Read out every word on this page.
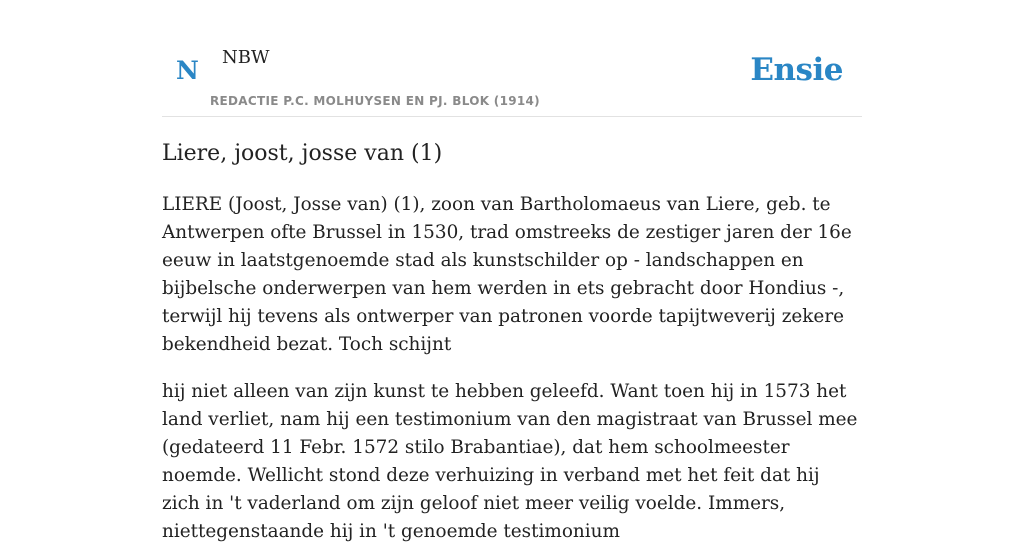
N NBW
REDACTIE P.C. MOLHUYSEN EN PJ. BLOK (1914)
Ensie
Liere, joost, josse van (1)

LIERE (Joost, Josse van) (1), zoon van Bartholomaeus van Liere, geb. te Antwerpen ofte Brussel in 1530, trad omstreeks de zestiger jaren der 16e eeuw in laatstgenoemde stad als kunstschilder op - landschappen en bijbelsche onderwerpen van hem werden in ets gebracht door Hondius -, terwijl hij tevens als ontwerper van patronen voorde tapijtweverij zekere bekendheid bezat. Toch schijnt

hij niet alleen van zijn kunst te hebben geleefd. Want toen hij in 1573 het land verliet, nam hij een testimonium van den magistraat van Brussel mee (gedateerd 11 Febr. 1572 stilo Brabantiae), dat hem schoolmeester noemde. Wellicht stond deze verhuizing in verband met het feit dat hij zich in 't vaderland om zijn geloof niet meer veilig voelde. Immers, niettegenstaande hij in 't genoemde testimonium
